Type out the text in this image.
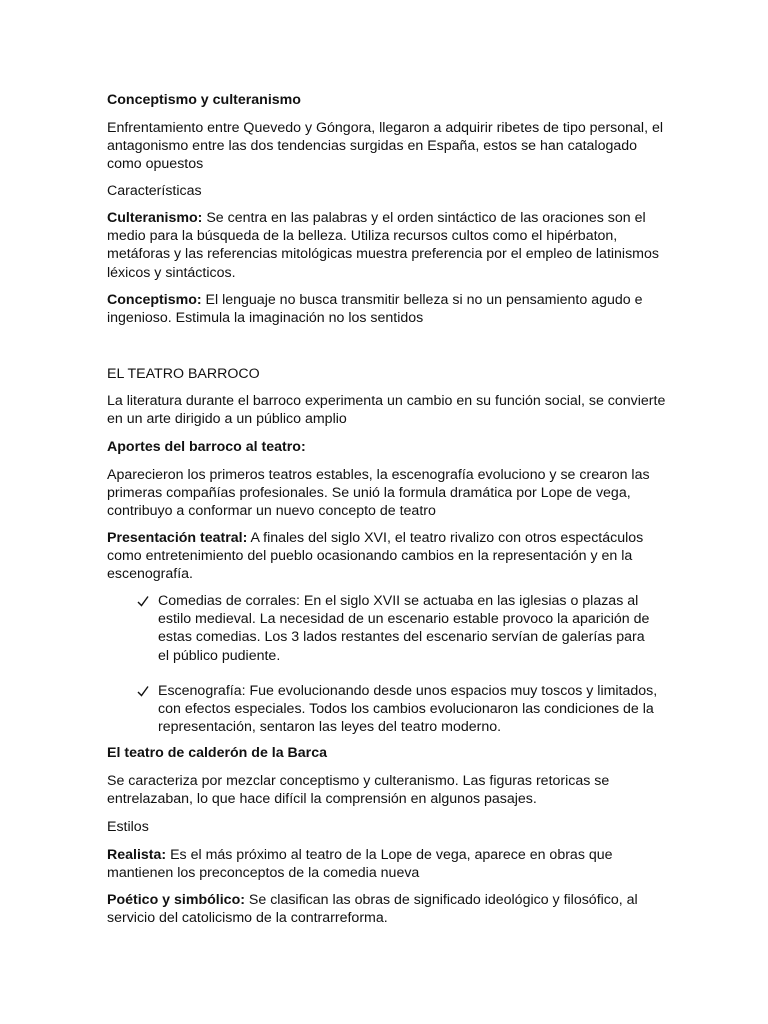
Conceptismo y culteranismo

Enfrentamiento entre Quevedo y Góngora, llegaron a adquirir ribetes de tipo personal, el antagonismo entre las dos tendencias surgidas en España, estos se han catalogado como opuestos

Características

Culteranismo: Se centra en las palabras y el orden sintáctico de las oraciones son el medio para la búsqueda de la belleza. Utiliza recursos cultos como el hipérbaton, metáforas y las referencias mitológicas muestra preferencia por el empleo de latinismos léxicos y sintácticos.

Conceptismo: El lenguaje no busca transmitir belleza si no un pensamiento agudo e ingenioso. Estimula la imaginación no los sentidos

EL TEATRO BARROCO

La literatura durante el barroco experimenta un cambio en su función social, se convierte en un arte dirigido a un público amplio

Aportes del barroco al teatro:

Aparecieron los primeros teatros estables, la escenografía evoluciono y se crearon las primeras compañías profesionales. Se unió la formula dramática por Lope de vega, contribuyo a conformar un nuevo concepto de teatro

Presentación teatral: A finales del siglo XVI, el teatro rivalizo con otros espectáculos como entretenimiento del pueblo ocasionando cambios en la representación y en la escenografía.

Comedias de corrales: En el siglo XVII se actuaba en las iglesias o plazas al estilo medieval. La necesidad de un escenario estable provoco la aparición de estas comedias. Los 3 lados restantes del escenario servían de galerías para el público pudiente.
Escenografía: Fue evolucionando desde unos espacios muy toscos y limitados, con efectos especiales. Todos los cambios evolucionaron las condiciones de la representación, sentaron las leyes del teatro moderno.

El teatro de calderón de la Barca

Se caracteriza por mezclar conceptismo y culteranismo. Las figuras retoricas se entrelazaban, lo que hace difícil la comprensión en algunos pasajes.

Estilos

Realista: Es el más próximo al teatro de la Lope de vega, aparece en obras que mantienen los preconceptos de la comedia nueva

Poético y simbólico: Se clasifican las obras de significado ideológico y filosófico, al servicio del catolicismo de la contrarreforma.
